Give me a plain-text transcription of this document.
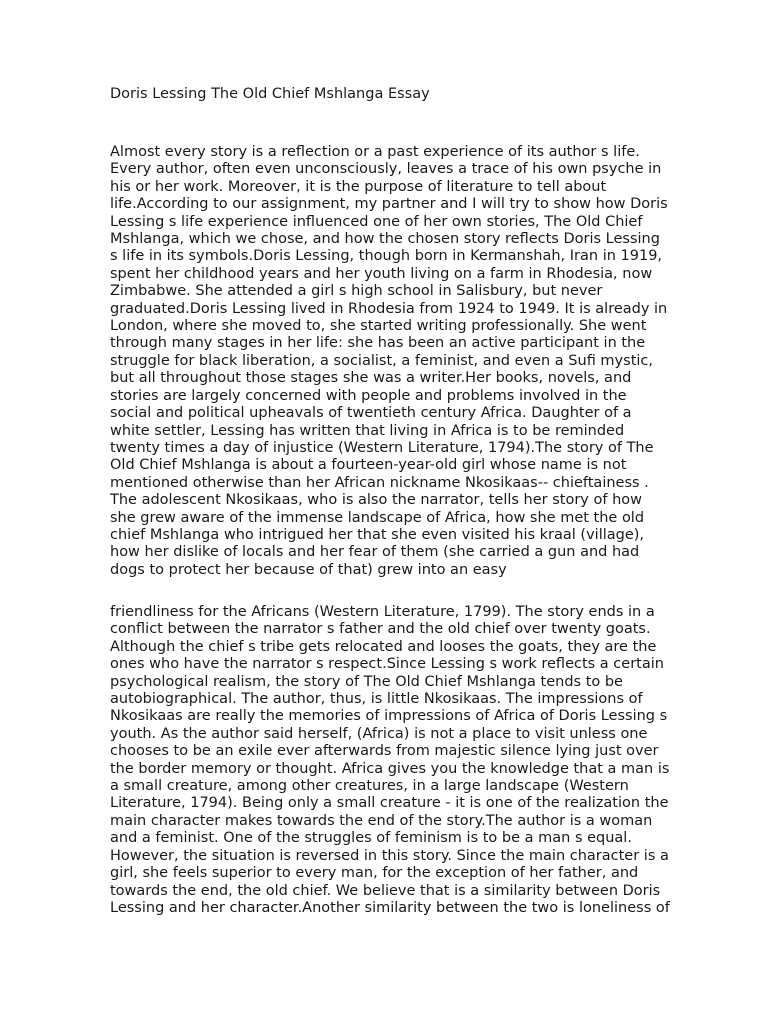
Doris Lessing The Old Chief Mshlanga Essay

Almost every story is a reflection or a past experience of its author s life.
Every author, often even unconsciously, leaves a trace of his own psyche in
his or her work. Moreover, it is the purpose of literature to tell about
life.According to our assignment, my partner and I will try to show how Doris
Lessing s life experience influenced one of her own stories, The Old Chief
Mshlanga, which we chose, and how the chosen story reflects Doris Lessing
s life in its symbols.Doris Lessing, though born in Kermanshah, Iran in 1919,
spent her childhood years and her youth living on a farm in Rhodesia, now
Zimbabwe. She attended a girl s high school in Salisbury, but never
graduated.Doris Lessing lived in Rhodesia from 1924 to 1949. It is already in
London, where she moved to, she started writing professionally. She went
through many stages in her life: she has been an active participant in the
struggle for black liberation, a socialist, a feminist, and even a Sufi mystic,
but all throughout those stages she was a writer.Her books, novels, and
stories are largely concerned with people and problems involved in the
social and political upheavals of twentieth century Africa. Daughter of a
white settler, Lessing has written that living in Africa is to be reminded
twenty times a day of injustice (Western Literature, 1794).The story of The
Old Chief Mshlanga is about a fourteen-year-old girl whose name is not
mentioned otherwise than her African nickname Nkosikaas-- chieftainess .
The adolescent Nkosikaas, who is also the narrator, tells her story of how
she grew aware of the immense landscape of Africa, how she met the old
chief Mshlanga who intrigued her that she even visited his kraal (village),
how her dislike of locals and her fear of them (she carried a gun and had
dogs to protect her because of that) grew into an easy

friendliness for the Africans (Western Literature, 1799). The story ends in a
conflict between the narrator s father and the old chief over twenty goats.
Although the chief s tribe gets relocated and looses the goats, they are the
ones who have the narrator s respect.Since Lessing s work reflects a certain
psychological realism, the story of The Old Chief Mshlanga tends to be
autobiographical. The author, thus, is little Nkosikaas. The impressions of
Nkosikaas are really the memories of impressions of Africa of Doris Lessing s
youth. As the author said herself, (Africa) is not a place to visit unless one
chooses to be an exile ever afterwards from majestic silence lying just over
the border memory or thought. Africa gives you the knowledge that a man is
a small creature, among other creatures, in a large landscape (Western
Literature, 1794). Being only a small creature - it is one of the realization the
main character makes towards the end of the story.The author is a woman
and a feminist. One of the struggles of feminism is to be a man s equal.
However, the situation is reversed in this story. Since the main character is a
girl, she feels superior to every man, for the exception of her father, and
towards the end, the old chief. We believe that is a similarity between Doris
Lessing and her character.Another similarity between the two is loneliness of
